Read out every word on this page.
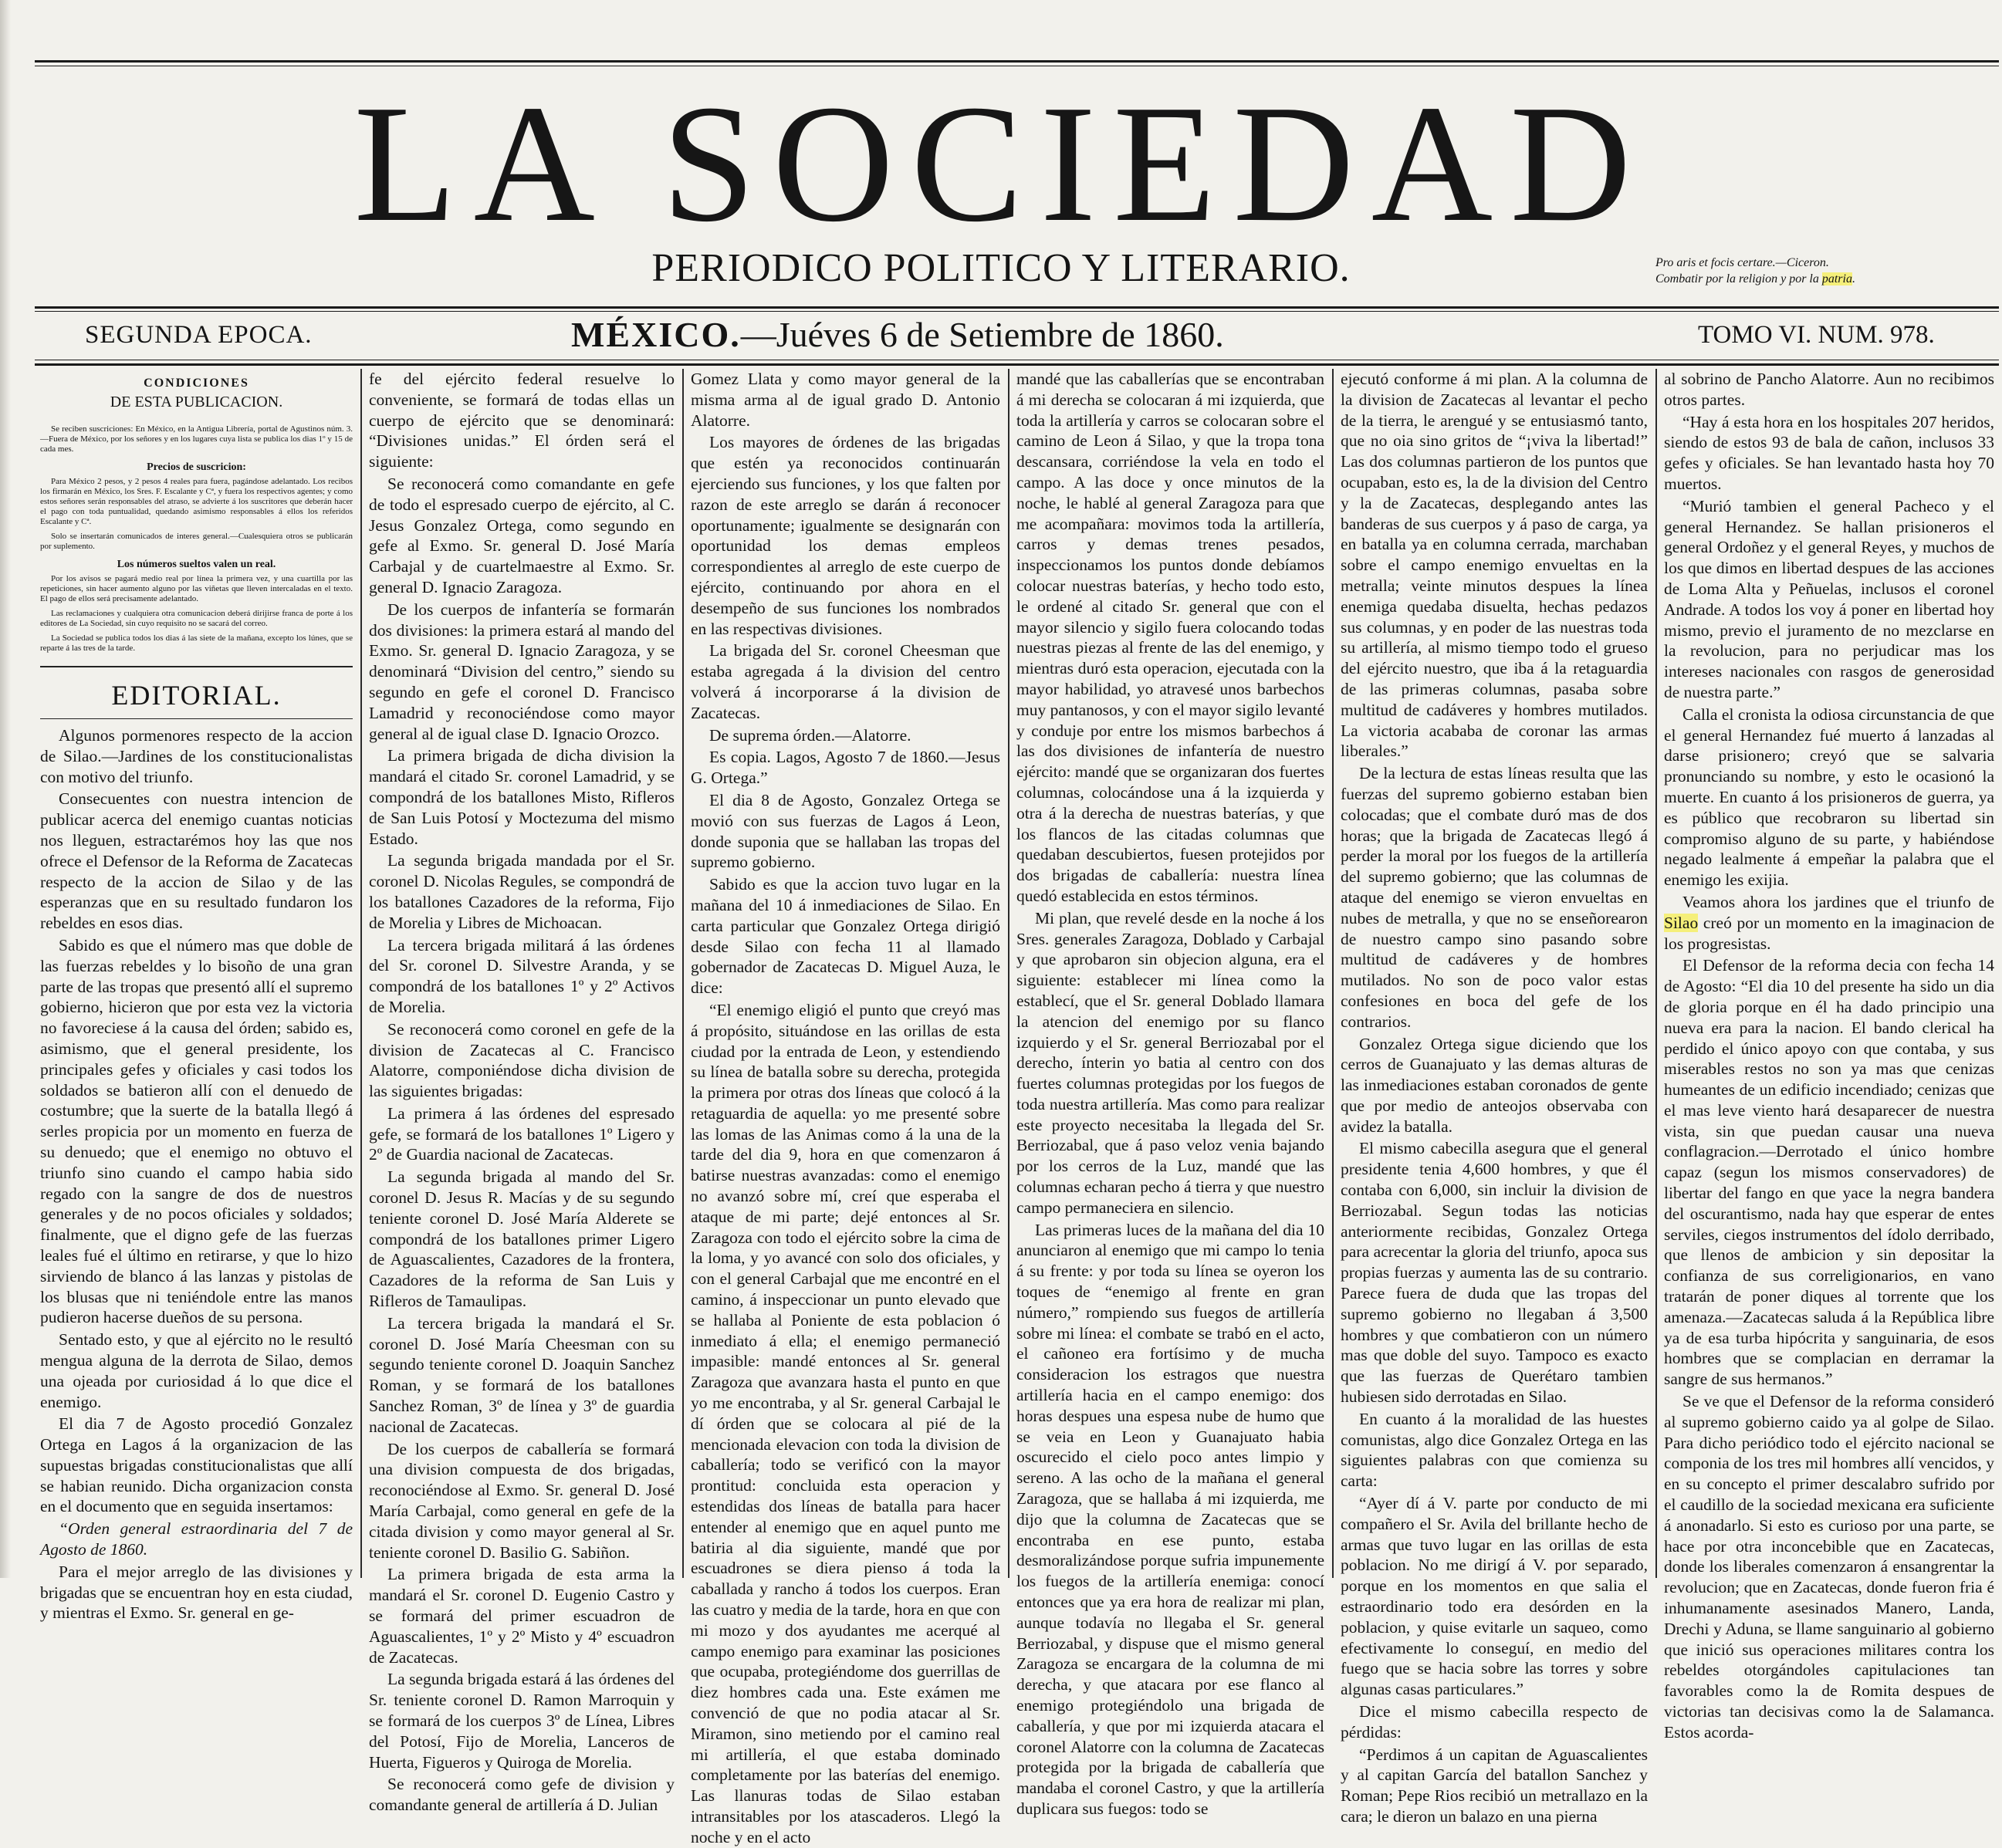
LA SOCIEDAD
PERIODICO POLITICO Y LITERARIO.	Pro aris et focis certare.—Ciceron.
Combatir por la religion y por la patria.
SEGUNDA EPOCA.	MÉXICO.—Juéves 6 de Setiembre de 1860.	TOMO VI. NUM. 978.
CONDICIONES
DE ESTA PUBLICACION.

Se reciben suscriciones: En México, en la Antigua Librería, portal de Agustinos núm. 3.—Fuera de México, por los señores y en los lugares cuya lista se publica los dias 1º y 15 de cada mes.

Precios de suscricion:

Para México 2 pesos, y 2 pesos 4 reales para fuera, pagándose adelantado. Los recibos los firmarán en México, los Sres. F. Escalante y Cª, y fuera los respectivos agentes; y como estos señores serán responsables del atraso, se advierte á los suscritores que deberán hacer el pago con toda puntualidad, quedando asimismo responsables á ellos los referidos Escalante y Cª.

Solo se insertarán comunicados de interes general.—Cualesquiera otros se publicarán por suplemento.

Los números sueltos valen un real.

Por los avisos se pagará medio real por línea la primera vez, y una cuartilla por las repeticiones, sin hacer aumento alguno por las viñetas que lleven intercaladas en el texto. El pago de ellos será precisamente adelantado.

Las reclamaciones y cualquiera otra comunicacion deberá dirijirse franca de porte á los editores de La Sociedad, sin cuyo requisito no se sacará del correo.

La Sociedad se publica todos los dias á las siete de la mañana, excepto los lúnes, que se reparte á las tres de la tarde.

EDITORIAL.

Algunos pormenores respecto de la accion de Silao.—Jardines de los constitucionalistas con motivo del triunfo.

Consecuentes con nuestra intencion de publicar acerca del enemigo cuantas noticias nos lleguen, estractarémos hoy las que nos ofrece el Defensor de la Reforma de Zacatecas respecto de la accion de Silao y de las esperanzas que en su resultado fundaron los rebeldes en esos dias.

Sabido es que el número mas que doble de las fuerzas rebeldes y lo bisoño de una gran parte de las tropas que presentó allí el supremo gobierno, hicieron que por esta vez la victoria no favoreciese á la causa del órden; sabido es, asimismo, que el general presidente, los principales gefes y oficiales y casi todos los soldados se batieron allí con el denuedo de costumbre; que la suerte de la batalla llegó á serles propicia por un momento en fuerza de su denuedo; que el enemigo no obtuvo el triunfo sino cuando el campo habia sido regado con la sangre de dos de nuestros generales y de no pocos oficiales y soldados; finalmente, que el digno gefe de las fuerzas leales fué el último en retirarse, y que lo hizo sirviendo de blanco á las lanzas y pistolas de los blusas que ni teniéndole entre las manos pudieron hacerse dueños de su persona.

Sentado esto, y que al ejército no le resultó mengua alguna de la derrota de Silao, demos una ojeada por curiosidad á lo que dice el enemigo.

El dia 7 de Agosto procedió Gonzalez Ortega en Lagos á la organizacion de las supuestas brigadas constitucionalistas que allí se habian reunido. Dicha organizacion consta en el documento que en seguida insertamos:

“Orden general estraordinaria del 7 de Agosto de 1860.

Para el mejor arreglo de las divisiones y brigadas que se encuentran hoy en esta ciudad, y mientras el Exmo. Sr. general en ge-

fe del ejército federal resuelve lo conveniente, se formará de todas ellas un cuerpo de ejército que se denominará: “Divisiones unidas.” El órden será el siguiente:

Se reconocerá como comandante en gefe de todo el espresado cuerpo de ejército, al C. Jesus Gonzalez Ortega, como segundo en gefe al Exmo. Sr. general D. José María Carbajal y de cuartelmaestre al Exmo. Sr. general D. Ignacio Zaragoza.

De los cuerpos de infantería se formarán dos divisiones: la primera estará al mando del Exmo. Sr. general D. Ignacio Zaragoza, y se denominará “Division del centro,” siendo su segundo en gefe el coronel D. Francisco Lamadrid y reconociéndose como mayor general al de igual clase D. Ignacio Orozco.

La primera brigada de dicha division la mandará el citado Sr. coronel Lamadrid, y se compondrá de los batallones Misto, Rifleros de San Luis Potosí y Moctezuma del mismo Estado.

La segunda brigada mandada por el Sr. coronel D. Nicolas Regules, se compondrá de los batallones Cazadores de la reforma, Fijo de Morelia y Libres de Michoacan.

La tercera brigada militará á las órdenes del Sr. coronel D. Silvestre Aranda, y se compondrá de los batallones 1º y 2º Activos de Morelia.

Se reconocerá como coronel en gefe de la division de Zacatecas al C. Francisco Alatorre, componiéndose dicha division de las siguientes brigadas:

La primera á las órdenes del espresado gefe, se formará de los batallones 1º Ligero y 2º de Guardia nacional de Zacatecas.

La segunda brigada al mando del Sr. coronel D. Jesus R. Macías y de su segundo teniente coronel D. José María Alderete se compondrá de los batallones primer Ligero de Aguascalientes, Cazadores de la frontera, Cazadores de la reforma de San Luis y Rifleros de Tamaulipas.

La tercera brigada la mandará el Sr. coronel D. José María Cheesman con su segundo teniente coronel D. Joaquin Sanchez Roman, y se formará de los batallones Sanchez Roman, 3º de línea y 3º de guardia nacional de Zacatecas.

De los cuerpos de caballería se formará una division compuesta de dos brigadas, reconociéndose al Exmo. Sr. general D. José María Carbajal, como general en gefe de la citada division y como mayor general al Sr. teniente coronel D. Basilio G. Sabiñon.

La primera brigada de esta arma la mandará el Sr. coronel D. Eugenio Castro y se formará del primer escuadron de Aguascalientes, 1º y 2º Misto y 4º escuadron de Zacatecas.

La segunda brigada estará á las órdenes del Sr. teniente coronel D. Ramon Marroquin y se formará de los cuerpos 3º de Línea, Libres del Potosí, Fijo de Morelia, Lanceros de Huerta, Figueros y Quiroga de Morelia.

Se reconocerá como gefe de division y comandante general de artillería á D. Julian

Gomez Llata y como mayor general de la misma arma al de igual grado D. Antonio Alatorre.

Los mayores de órdenes de las brigadas que estén ya reconocidos continuarán ejerciendo sus funciones, y los que falten por razon de este arreglo se darán á reconocer oportunamente; igualmente se designarán con oportunidad los demas empleos correspondientes al arreglo de este cuerpo de ejército, continuando por ahora en el desempeño de sus funciones los nombrados en las respectivas divisiones.

La brigada del Sr. coronel Cheesman que estaba agregada á la division del centro volverá á incorporarse á la division de Zacatecas.

De suprema órden.—Alatorre.

Es copia. Lagos, Agosto 7 de 1860.—Jesus G. Ortega.”

El dia 8 de Agosto, Gonzalez Ortega se movió con sus fuerzas de Lagos á Leon, donde suponia que se hallaban las tropas del supremo gobierno.

Sabido es que la accion tuvo lugar en la mañana del 10 á inmediaciones de Silao. En carta particular que Gonzalez Ortega dirigió desde Silao con fecha 11 al llamado gobernador de Zacatecas D. Miguel Auza, le dice:

“El enemigo eligió el punto que creyó mas á propósito, situándose en las orillas de esta ciudad por la entrada de Leon, y estendiendo su línea de batalla sobre su derecha, protegida la primera por otras dos líneas que colocó á la retaguardia de aquella: yo me presenté sobre las lomas de las Animas como á la una de la tarde del dia 9, hora en que comenzaron á batirse nuestras avanzadas: como el enemigo no avanzó sobre mí, creí que esperaba el ataque de mi parte; dejé entonces al Sr. Zaragoza con todo el ejército sobre la cima de la loma, y yo avancé con solo dos oficiales, y con el general Carbajal que me encontré en el camino, á inspeccionar un punto elevado que se hallaba al Poniente de esta poblacion ó inmediato á ella; el enemigo permaneció impasible: mandé entonces al Sr. general Zaragoza que avanzara hasta el punto en que yo me encontraba, y al Sr. general Carbajal le dí órden que se colocara al pié de la mencionada elevacion con toda la division de caballería; todo se verificó con la mayor prontitud: concluida esta operacion y estendidas dos líneas de batalla para hacer entender al enemigo que en aquel punto me batiria al dia siguiente, mandé que por escuadrones se diera pienso á toda la caballada y rancho á todos los cuerpos. Eran las cuatro y media de la tarde, hora en que con mi mozo y dos ayudantes me acerqué al campo enemigo para examinar las posiciones que ocupaba, protegiéndome dos guerrillas de diez hombres cada una. Este exámen me convenció de que no podia atacar al Sr. Miramon, sino metiendo por el camino real mi artillería, el que estaba dominado completamente por las baterías del enemigo. Las llanuras todas de Silao estaban intransitables por los atascaderos. Llegó la noche y en el acto

mandé que las caballerías que se encontraban á mi derecha se colocaran á mi izquierda, que toda la artillería y carros se colocaran sobre el camino de Leon á Silao, y que la tropa tona descansara, corriéndose la vela en todo el campo. A las doce y once minutos de la noche, le hablé al general Zaragoza para que me acompañara: movimos toda la artillería, carros y demas trenes pesados, inspeccionamos los puntos donde debíamos colocar nuestras baterías, y hecho todo esto, le ordené al citado Sr. general que con el mayor silencio y sigilo fuera colocando todas nuestras piezas al frente de las del enemigo, y mientras duró esta operacion, ejecutada con la mayor habilidad, yo atravesé unos barbechos muy pantanosos, y con el mayor sigilo levanté y conduje por entre los mismos barbechos á las dos divisiones de infantería de nuestro ejército: mandé que se organizaran dos fuertes columnas, colocándose una á la izquierda y otra á la derecha de nuestras baterías, y que los flancos de las citadas columnas que quedaban descubiertos, fuesen protejidos por dos brigadas de caballería: nuestra línea quedó establecida en estos términos.

Mi plan, que revelé desde en la noche á los Sres. generales Zaragoza, Doblado y Carbajal y que aprobaron sin objecion alguna, era el siguiente: establecer mi línea como la establecí, que el Sr. general Doblado llamara la atencion del enemigo por su flanco izquierdo y el Sr. general Berriozabal por el derecho, ínterin yo batia al centro con dos fuertes columnas protegidas por los fuegos de toda nuestra artillería. Mas como para realizar este proyecto necesitaba la llegada del Sr. Berriozabal, que á paso veloz venia bajando por los cerros de la Luz, mandé que las columnas echaran pecho á tierra y que nuestro campo permaneciera en silencio.

Las primeras luces de la mañana del dia 10 anunciaron al enemigo que mi campo lo tenia á su frente: y por toda su línea se oyeron los toques de “enemigo al frente en gran número,” rompiendo sus fuegos de artillería sobre mi línea: el combate se trabó en el acto, el cañoneo era fortísimo y de mucha consideracion los estragos que nuestra artillería hacia en el campo enemigo: dos horas despues una espesa nube de humo que se veia en Leon y Guanajuato habia oscurecido el cielo poco antes limpio y sereno. A las ocho de la mañana el general Zaragoza, que se hallaba á mi izquierda, me dijo que la columna de Zacatecas que se encontraba en ese punto, estaba desmoralizándose porque sufria impunemente los fuegos de la artillería enemiga: conocí entonces que ya era hora de realizar mi plan, aunque todavía no llegaba el Sr. general Berriozabal, y dispuse que el mismo general Zaragoza se encargara de la columna de mi derecha, y que atacara por ese flanco al enemigo protegiéndolo una brigada de caballería, y que por mi izquierda atacara el coronel Alatorre con la columna de Zacatecas protegida por la brigada de caballería que mandaba el coronel Castro, y que la artillería duplicara sus fuegos: todo se

ejecutó conforme á mi plan. A la columna de la division de Zacatecas al levantar el pecho de la tierra, le arengué y se entusiasmó tanto, que no oia sino gritos de “¡viva la libertad!” Las dos columnas partieron de los puntos que ocupaban, esto es, la de la division del Centro y la de Zacatecas, desplegando antes las banderas de sus cuerpos y á paso de carga, ya en batalla ya en columna cerrada, marchaban sobre el campo enemigo envueltas en la metralla; veinte minutos despues la línea enemiga quedaba disuelta, hechas pedazos sus columnas, y en poder de las nuestras toda su artillería, al mismo tiempo todo el grueso del ejército nuestro, que iba á la retaguardia de las primeras columnas, pasaba sobre multitud de cadáveres y hombres mutilados. La victoria acababa de coronar las armas liberales.”

De la lectura de estas líneas resulta que las fuerzas del supremo gobierno estaban bien colocadas; que el combate duró mas de dos horas; que la brigada de Zacatecas llegó á perder la moral por los fuegos de la artillería del supremo gobierno; que las columnas de ataque del enemigo se vieron envueltas en nubes de metralla, y que no se enseñorearon de nuestro campo sino pasando sobre multitud de cadáveres y de hombres mutilados. No son de poco valor estas confesiones en boca del gefe de los contrarios.

Gonzalez Ortega sigue diciendo que los cerros de Guanajuato y las demas alturas de las inmediaciones estaban coronados de gente que por medio de anteojos observaba con avidez la batalla.

El mismo cabecilla asegura que el general presidente tenia 4,600 hombres, y que él contaba con 6,000, sin incluir la division de Berriozabal. Segun todas las noticias anteriormente recibidas, Gonzalez Ortega para acrecentar la gloria del triunfo, apoca sus propias fuerzas y aumenta las de su contrario. Parece fuera de duda que las tropas del supremo gobierno no llegaban á 3,500 hombres y que combatieron con un número mas que doble del suyo. Tampoco es exacto que las fuerzas de Querétaro tambien hubiesen sido derrotadas en Silao.

En cuanto á la moralidad de las huestes comunistas, algo dice Gonzalez Ortega en las siguientes palabras con que comienza su carta:

“Ayer dí á V. parte por conducto de mi compañero el Sr. Avila del brillante hecho de armas que tuvo lugar en las orillas de esta poblacion. No me dirigí á V. por separado, porque en los momentos en que salia el estraordinario todo era desórden en la poblacion, y quise evitarle un saqueo, como efectivamente lo conseguí, en medio del fuego que se hacia sobre las torres y sobre algunas casas particulares.”

Dice el mismo cabecilla respecto de pérdidas:

“Perdimos á un capitan de Aguascalientes y al capitan García del batallon Sanchez y Roman; Pepe Rios recibió un metrallazo en la cara; le dieron un balazo en una pierna

al sobrino de Pancho Alatorre. Aun no recibimos otros partes.

“Hay á esta hora en los hospitales 207 heridos, siendo de estos 93 de bala de cañon, inclusos 33 gefes y oficiales. Se han levantado hasta hoy 70 muertos.

“Murió tambien el general Pacheco y el general Hernandez. Se hallan prisioneros el general Ordoñez y el general Reyes, y muchos de los que dimos en libertad despues de las acciones de Loma Alta y Peñuelas, inclusos el coronel Andrade. A todos los voy á poner en libertad hoy mismo, previo el juramento de no mezclarse en la revolucion, para no perjudicar mas los intereses nacionales con rasgos de generosidad de nuestra parte.”

Calla el cronista la odiosa circunstancia de que el general Hernandez fué muerto á lanzadas al darse prisionero; creyó que se salvaria pronunciando su nombre, y esto le ocasionó la muerte. En cuanto á los prisioneros de guerra, ya es público que recobraron su libertad sin compromiso alguno de su parte, y habiéndose negado lealmente á empeñar la palabra que el enemigo les exijia.

Veamos ahora los jardines que el triunfo de Silao creó por un momento en la imaginacion de los progresistas.

El Defensor de la reforma decia con fecha 14 de Agosto: “El dia 10 del presente ha sido un dia de gloria porque en él ha dado principio una nueva era para la nacion. El bando clerical ha perdido el único apoyo con que contaba, y sus miserables restos no son ya mas que cenizas humeantes de un edificio incendiado; cenizas que el mas leve viento hará desaparecer de nuestra vista, sin que puedan causar una nueva conflagracion.—Derrotado el único hombre capaz (segun los mismos conservadores) de libertar del fango en que yace la negra bandera del oscurantismo, nada hay que esperar de entes serviles, ciegos instrumentos del ídolo derribado, que llenos de ambicion y sin depositar la confianza de sus correligionarios, en vano tratarán de poner diques al torrente que los amenaza.—Zacatecas saluda á la República libre ya de esa turba hipócrita y sanguinaria, de esos hombres que se complacian en derramar la sangre de sus hermanos.”

Se ve que el Defensor de la reforma consideró al supremo gobierno caido ya al golpe de Silao. Para dicho periódico todo el ejército nacional se componia de los tres mil hombres allí vencidos, y en su concepto el primer descalabro sufrido por el caudillo de la sociedad mexicana era suficiente á anonadarlo. Si esto es curioso por una parte, se hace por otra inconcebible que en Zacatecas, donde los liberales comenzaron á ensangrentar la revolucion; que en Zacatecas, donde fueron fria é inhumanamente asesinados Manero, Landa, Drechi y Aduna, se llame sanguinario al gobierno que inició sus operaciones militares contra los rebeldes otorgándoles capitulaciones tan favorables como la de Romita despues de victorias tan decisivas como la de Salamanca. Estos acorda-
